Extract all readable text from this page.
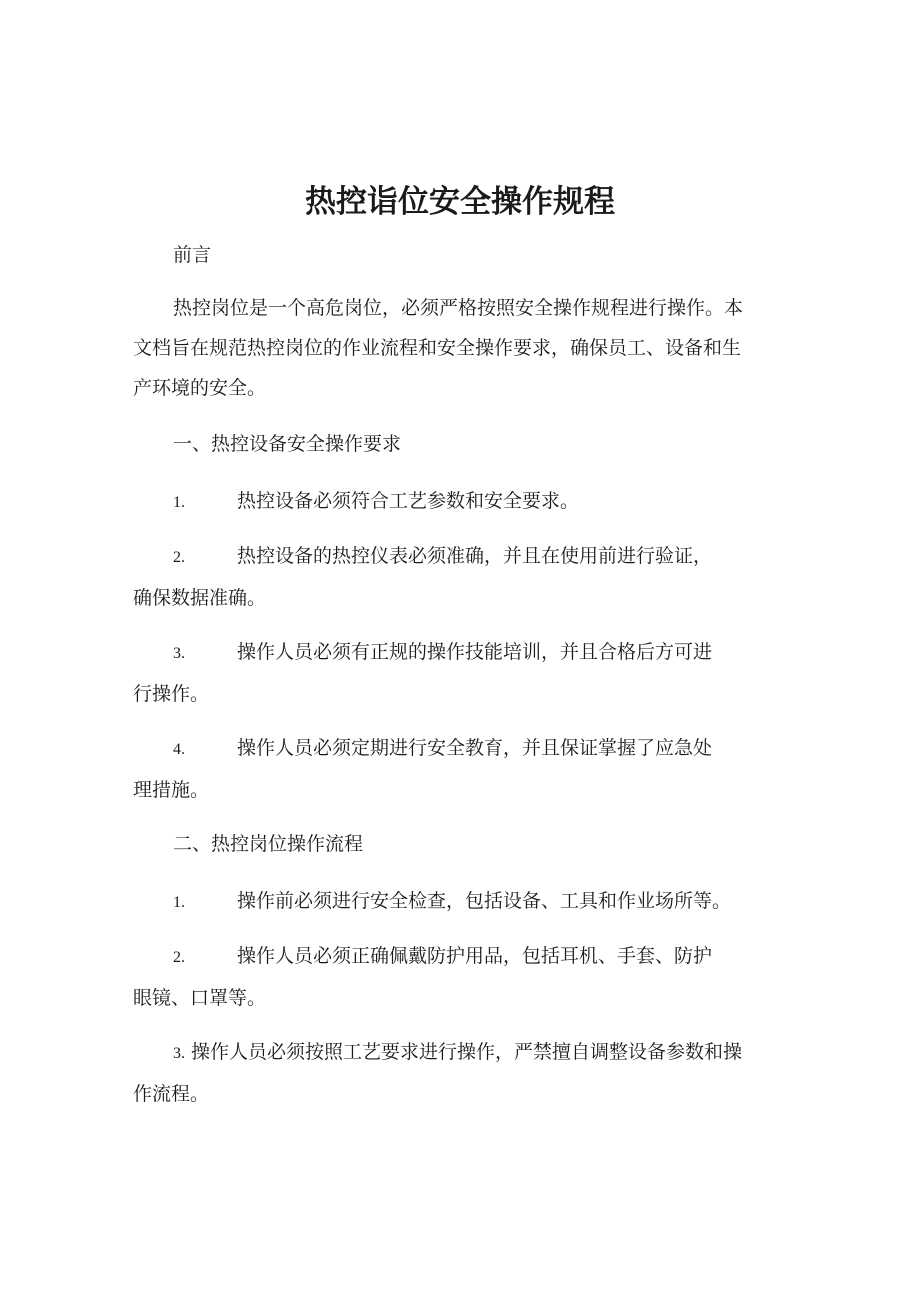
热控诣位安全操作规程

前言

热控岗位是一个高危岗位，必须严格按照安全操作规程进行操作。本
文档旨在规范热控岗位的作业流程和安全操作要求，确保员工、设备和生
产环境的安全。

一、热控设备安全操作要求

1.	热控设备必须符合工艺参数和安全要求。

2.	热控设备的热控仪表必须准确，并且在使用前进行验证，
确保数据准确。

3.	操作人员必须有正规的操作技能培训，并且合格后方可进
行操作。

4.	操作人员必须定期进行安全教育，并且保证掌握了应急处
理措施。

二、热控岗位操作流程

1.	操作前必须进行安全检查，包括设备、工具和作业场所等。

2.	操作人员必须正确佩戴防护用品，包括耳机、手套、防护
眼镜、口罩等。

3. 操作人员必须按照工艺要求进行操作，严禁擅自调整设备参数和操
作流程。
